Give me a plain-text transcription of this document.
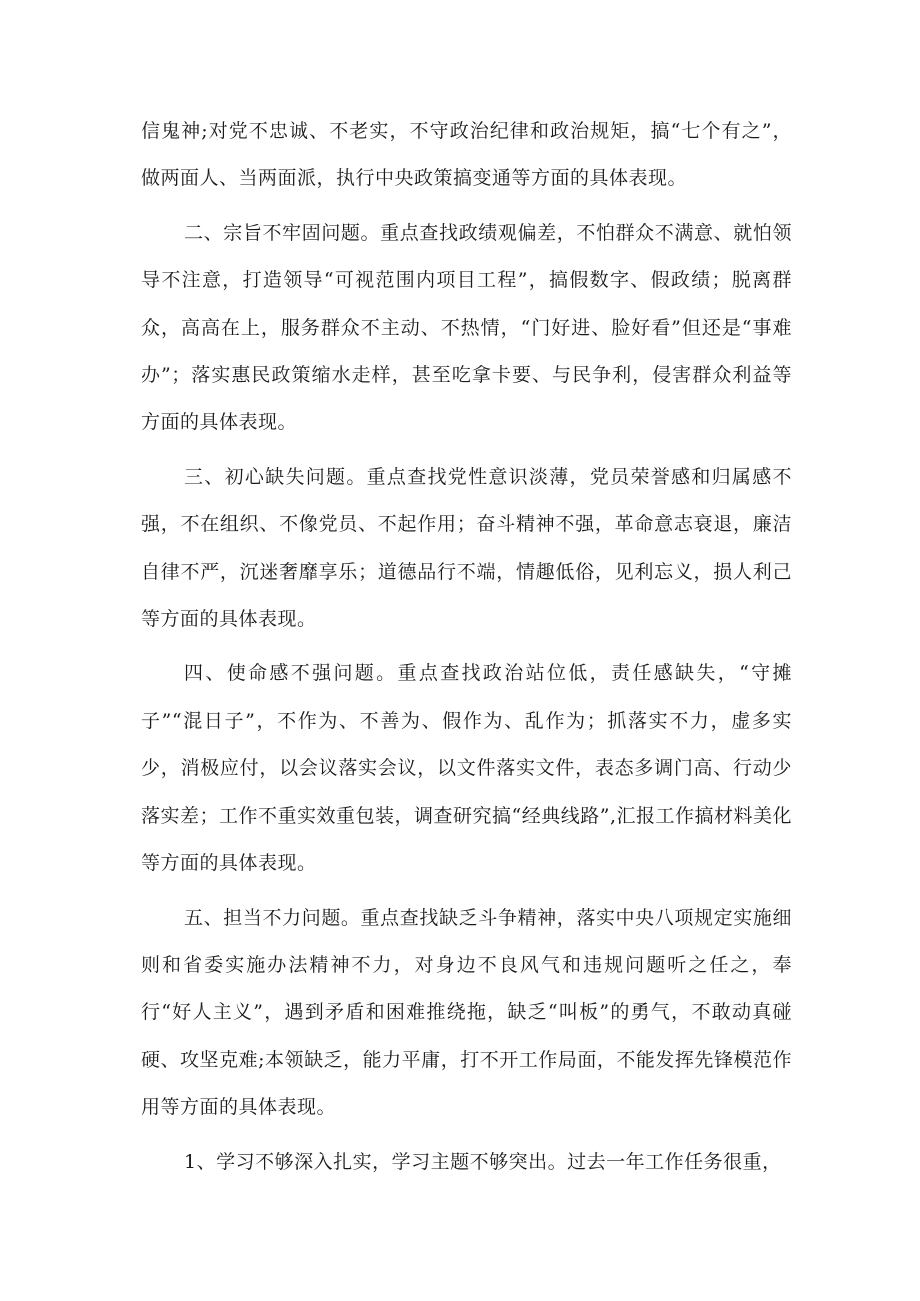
信鬼神;对党不忠诚、不老实，不守政治纪律和政治规矩，搞“七个有之”，做两面人、当两面派，执行中央政策搞变通等方面的具体表现。

二、宗旨不牢固问题。重点查找政绩观偏差，不怕群众不满意、就怕领导不注意，打造领导“可视范围内项目工程”，搞假数字、假政绩；脱离群众，高高在上，服务群众不主动、不热情，“门好进、脸好看”但还是“事难办”；落实惠民政策缩水走样，甚至吃拿卡要、与民争利，侵害群众利益等方面的具体表现。

三、初心缺失问题。重点查找党性意识淡薄，党员荣誉感和归属感不强，不在组织、不像党员、不起作用；奋斗精神不强，革命意志衰退，廉洁自律不严，沉迷奢靡享乐；道德品行不端，情趣低俗，见利忘义，损人利己等方面的具体表现。

四、使命感不强问题。重点查找政治站位低，责任感缺失，“守摊子”“混日子”，不作为、不善为、假作为、乱作为；抓落实不力，虚多实少，消极应付，以会议落实会议，以文件落实文件，表态多调门高、行动少落实差；工作不重实效重包装，调查研究搞“经典线路”,汇报工作搞材料美化等方面的具体表现。

五、担当不力问题。重点查找缺乏斗争精神，落实中央八项规定实施细则和省委实施办法精神不力，对身边不良风气和违规问题听之任之，奉行“好人主义”，遇到矛盾和困难推绕拖，缺乏“叫板”的勇气，不敢动真碰硬、攻坚克难;本领缺乏，能力平庸，打不开工作局面，不能发挥先锋模范作用等方面的具体表现。

1、学习不够深入扎实，学习主题不够突出。过去一年工作任务很重，
